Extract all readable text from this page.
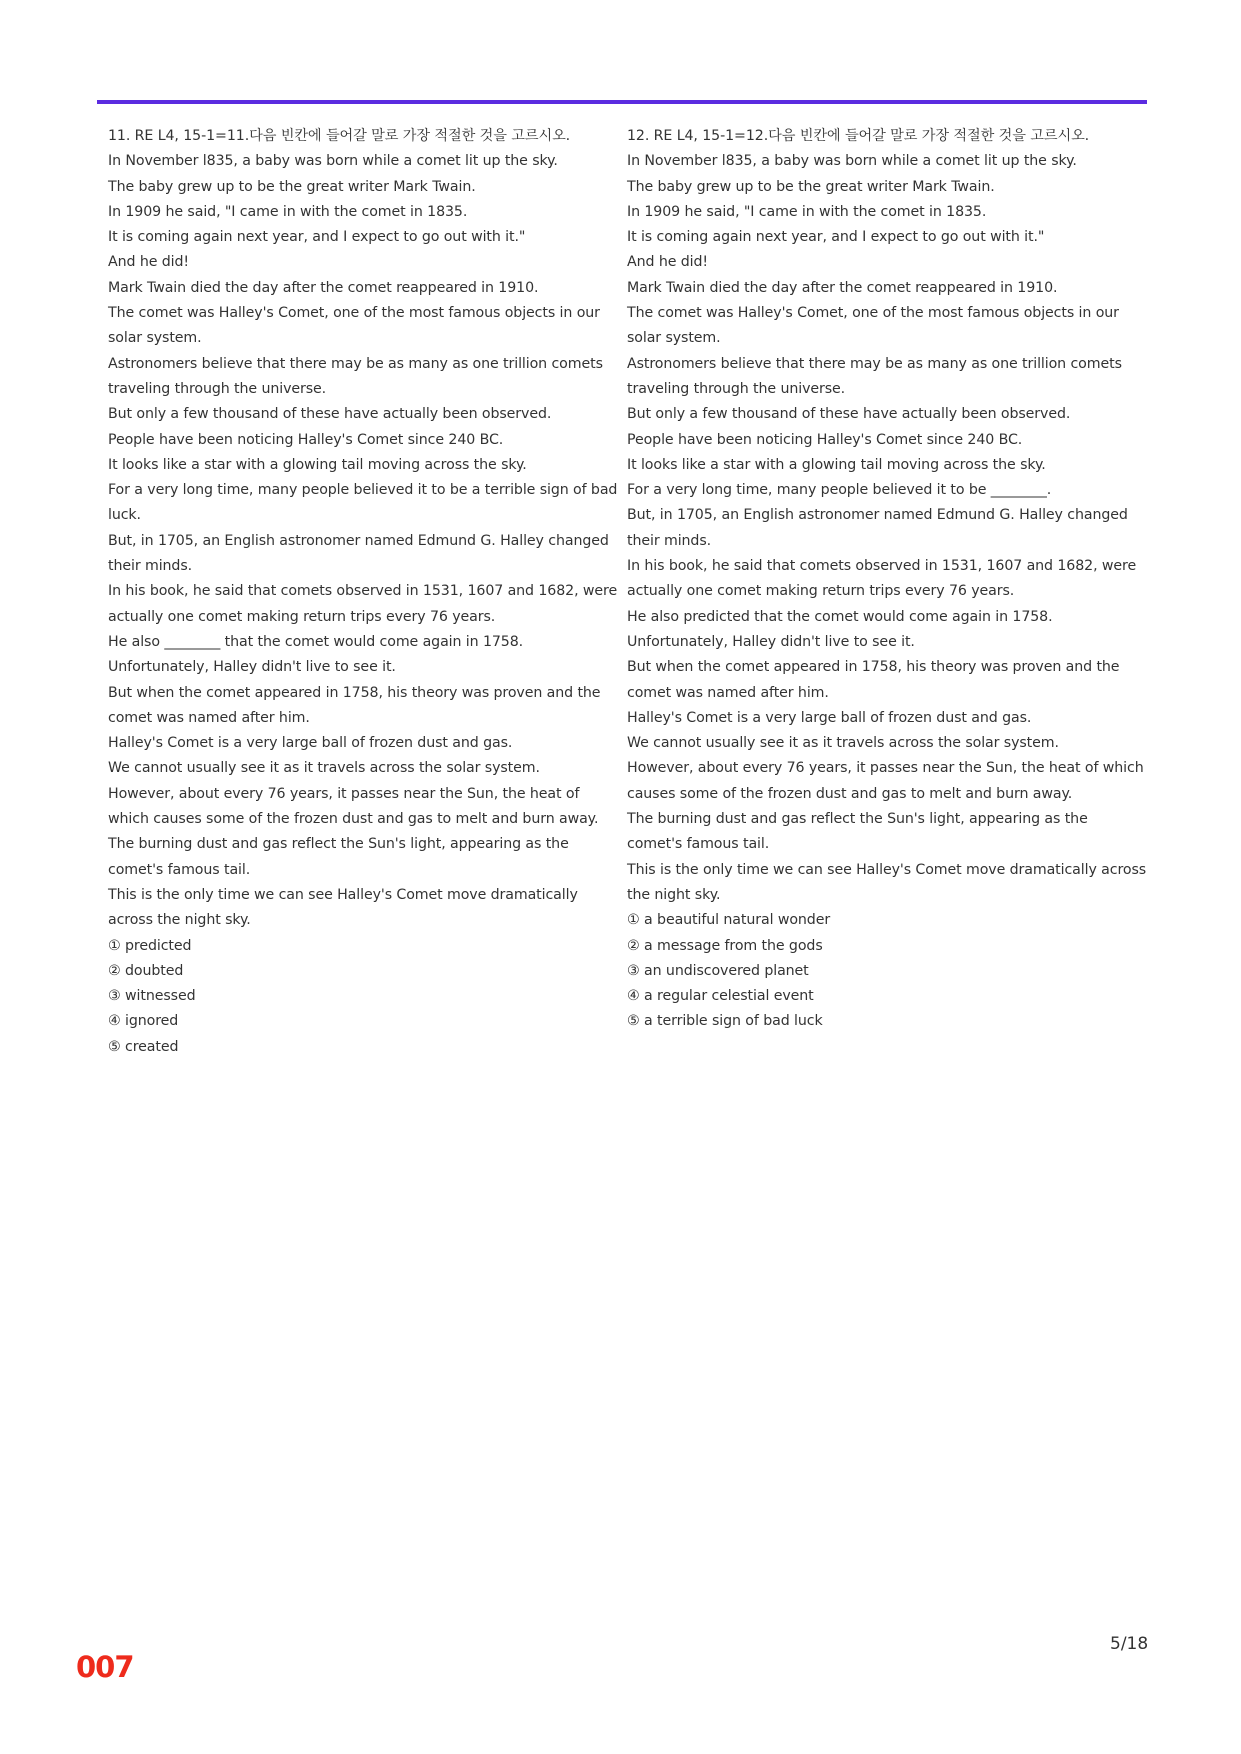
11. RE L4, 15-1=11.다음 빈칸에 들어갈 말로 가장 적절한 것을 고르시오.

In November l835, a baby was born while a comet lit up the sky.

The baby grew up to be the great writer Mark Twain.

In 1909 he said, "I came in with the comet in 1835.

It is coming again next year, and I expect to go out with it."

And he did!

Mark Twain died the day after the comet reappeared in 1910.

The comet was Halley's Comet, one of the most famous objects in our solar system.

Astronomers believe that there may be as many as one trillion comets traveling through the universe.

But only a few thousand of these have actually been observed.

People have been noticing Halley's Comet since 240 BC.

It looks like a star with a glowing tail moving across the sky.

For a very long time, many people believed it to be a terrible sign of bad luck.

But, in 1705, an English astronomer named Edmund G. Halley changed their minds.

In his book, he said that comets observed in 1531, 1607 and 1682, were actually one comet making return trips every 76 years.

He also ________ that the comet would come again in 1758.

Unfortunately, Halley didn't live to see it.

But when the comet appeared in 1758, his theory was proven and the comet was named after him.

Halley's Comet is a very large ball of frozen dust and gas.

We cannot usually see it as it travels across the solar system.

However, about every 76 years, it passes near the Sun, the heat of which causes some of the frozen dust and gas to melt and burn away.

The burning dust and gas reflect the Sun's light, appearing as the comet's famous tail.

This is the only time we can see Halley's Comet move dramatically across the night sky.

① predicted
② doubted
③ witnessed
④ ignored
⑤ created

12. RE L4, 15-1=12.다음 빈칸에 들어갈 말로 가장 적절한 것을 고르시오.

In November l835, a baby was born while a comet lit up the sky.

The baby grew up to be the great writer Mark Twain.

In 1909 he said, "I came in with the comet in 1835.

It is coming again next year, and I expect to go out with it."

And he did!

Mark Twain died the day after the comet reappeared in 1910.

The comet was Halley's Comet, one of the most famous objects in our solar system.

Astronomers believe that there may be as many as one trillion comets traveling through the universe.

But only a few thousand of these have actually been observed.

People have been noticing Halley's Comet since 240 BC.

It looks like a star with a glowing tail moving across the sky.

For a very long time, many people believed it to be ________.

But, in 1705, an English astronomer named Edmund G. Halley changed their minds.

In his book, he said that comets observed in 1531, 1607 and 1682, were actually one comet making return trips every 76 years.

He also predicted that the comet would come again in 1758.

Unfortunately, Halley didn't live to see it.

But when the comet appeared in 1758, his theory was proven and the comet was named after him.

Halley's Comet is a very large ball of frozen dust and gas.

We cannot usually see it as it travels across the solar system.

However, about every 76 years, it passes near the Sun, the heat of which causes some of the frozen dust and gas to melt and burn away.

The burning dust and gas reflect the Sun's light, appearing as the comet's famous tail.

This is the only time we can see Halley's Comet move dramatically across the night sky.

① a beautiful natural wonder
② a message from the gods
③ an undiscovered planet
④ a regular celestial event
⑤ a terrible sign of bad luck
5/18
007
